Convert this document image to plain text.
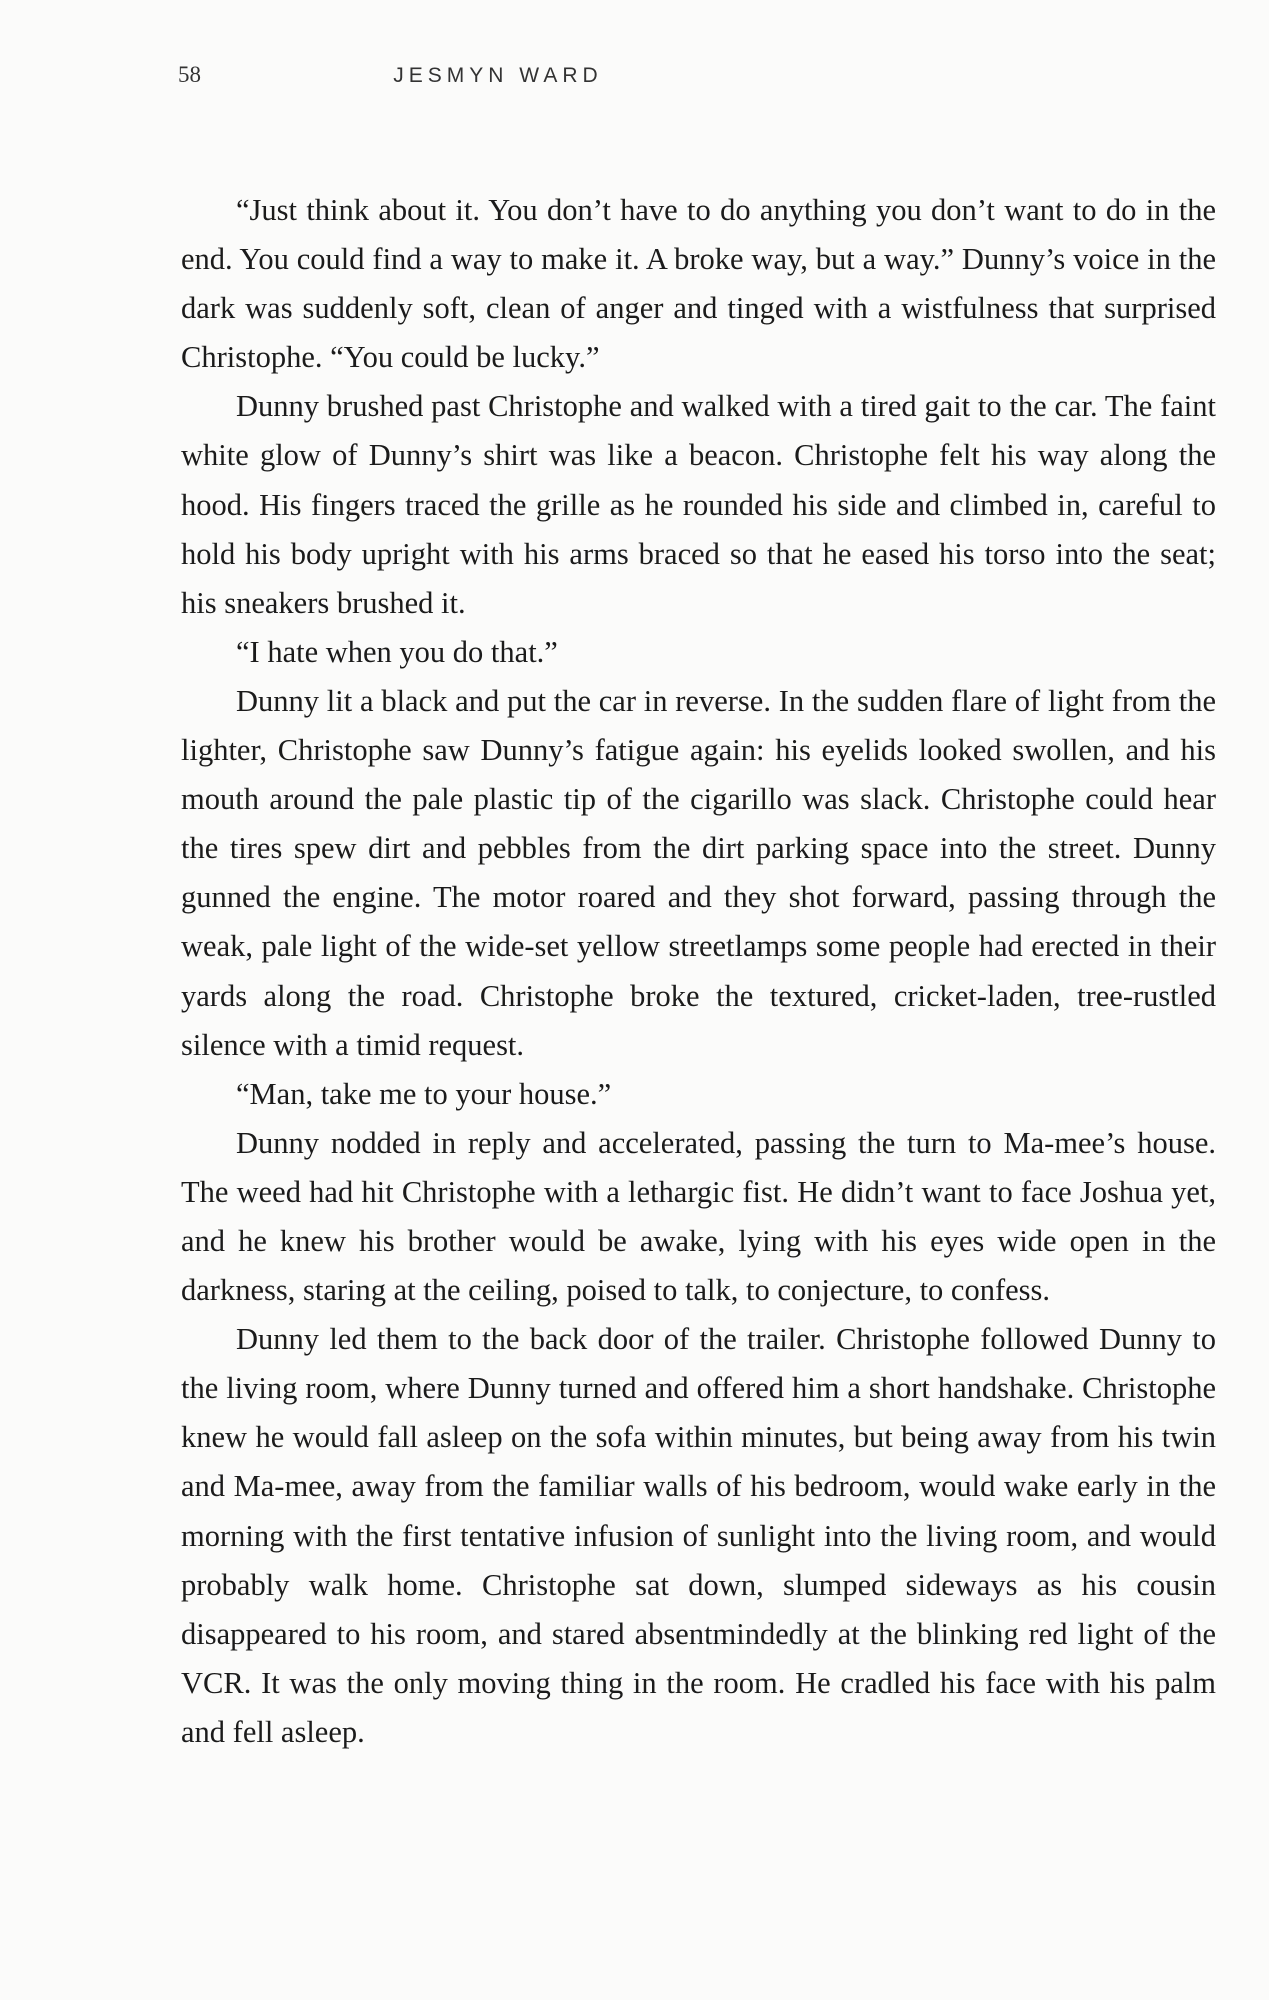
58	JESMYN WARD

“Just think about it. You don’t have to do anything you don’t want to do in the end. You could find a way to make it. A broke way, but a way.” Dunny’s voice in the dark was suddenly soft, clean of anger and tinged with a wistfulness that surprised Christophe. “You could be lucky.”

Dunny brushed past Christophe and walked with a tired gait to the car. The faint white glow of Dunny’s shirt was like a beacon. Christophe felt his way along the hood. His fingers traced the grille as he rounded his side and climbed in, careful to hold his body upright with his arms braced so that he eased his torso into the seat; his sneakers brushed it.

“I hate when you do that.”

Dunny lit a black and put the car in reverse. In the sudden flare of light from the lighter, Christophe saw Dunny’s fatigue again: his eyelids looked swollen, and his mouth around the pale plastic tip of the cigarillo was slack. Christophe could hear the tires spew dirt and pebbles from the dirt parking space into the street. Dunny gunned the engine. The motor roared and they shot forward, passing through the weak, pale light of the wide-set yellow streetlamps some people had erected in their yards along the road. Christophe broke the textured, cricket-laden, tree-rustled silence with a timid request.

“Man, take me to your house.”

Dunny nodded in reply and accelerated, passing the turn to Ma-mee’s house. The weed had hit Christophe with a lethargic fist. He didn’t want to face Joshua yet, and he knew his brother would be awake, lying with his eyes wide open in the darkness, staring at the ceiling, poised to talk, to conjecture, to confess.

Dunny led them to the back door of the trailer. Christophe followed Dunny to the living room, where Dunny turned and offered him a short handshake. Christophe knew he would fall asleep on the sofa within minutes, but being away from his twin and Ma-mee, away from the familiar walls of his bedroom, would wake early in the morning with the first tentative infusion of sunlight into the living room, and would probably walk home. Christophe sat down, slumped sideways as his cousin disappeared to his room, and stared absentmindedly at the blinking red light of the VCR. It was the only moving thing in the room. He cradled his face with his palm and fell asleep.
